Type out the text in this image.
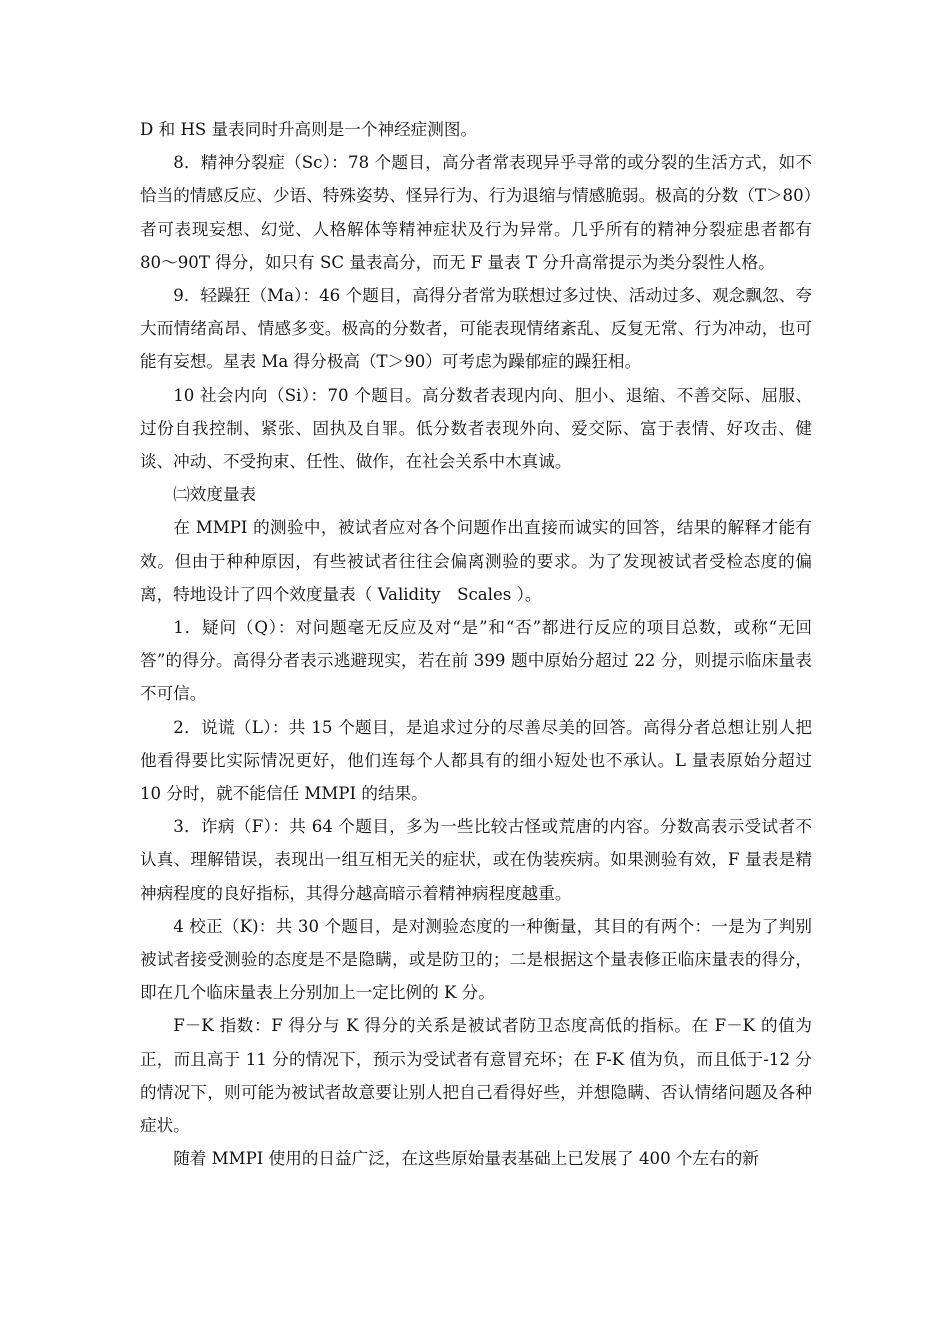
D 和 HS 量表同时升高则是一个神经症测图。

8．精神分裂症（Sc）：78 个题目，高分者常表现异乎寻常的或分裂的生活方式，如不恰当的情感反应、少语、特殊姿势、怪异行为、行为退缩与情感脆弱。极高的分数（T＞80）者可表现妄想、幻觉、人格解体等精神症状及行为异常。几乎所有的精神分裂症患者都有 80～90T 得分，如只有 SC 量表高分，而无 F 量表 T 分升高常提示为类分裂性人格。

9．轻躁狂（Ma）：46 个题目，高得分者常为联想过多过快、活动过多、观念飘忽、夸大而情绪高昂、情感多变。极高的分数者，可能表现情绪紊乱、反复无常、行为冲动，也可能有妄想。星表 Ma 得分极高（T＞90）可考虑为躁郁症的躁狂相。

10 社会内向（Si）：70 个题目。高分数者表现内向、胆小、退缩、不善交际、屈服、过份自我控制、紧张、固执及自罪。低分数者表现外向、爱交际、富于表情、好攻击、健谈、冲动、不受拘束、任性、做作，在社会关系中木真诚。

㈡效度量表

在 MMPI 的测验中，被试者应对各个问题作出直接而诚实的回答，结果的解释才能有效。但由于种种原因，有些被试者往往会偏离测验的要求。为了发现被试者受检态度的偏离，特地设计了四个效度量表（ Validity　Scales ）。

1．疑问（Q）：对问题毫无反应及对“是”和“否”都进行反应的项目总数，或称“无回答”的得分。高得分者表示逃避现实，若在前 399 题中原始分超过 22 分，则提示临床量表不可信。

2．说谎（L）：共 15 个题目，是追求过分的尽善尽美的回答。高得分者总想让别人把他看得要比实际情况更好，他们连每个人都具有的细小短处也不承认。L 量表原始分超过 10 分时，就不能信任 MMPI 的结果。

3．诈病（F）：共 64 个题目，多为一些比较古怪或荒唐的内容。分数高表示受试者不认真、理解错误，表现出一组互相无关的症状，或在伪装疾病。如果测验有效，F 量表是精神病程度的良好指标，其得分越高暗示着精神病程度越重。

4 校正（K)：共 30 个题目，是对测验态度的一种衡量，其目的有两个：一是为了判别被试者接受测验的态度是不是隐瞒，或是防卫的；二是根据这个量表修正临床量表的得分，即在几个临床量表上分别加上一定比例的 K 分。

F－K 指数：F 得分与 K 得分的关系是被试者防卫态度高低的指标。在 F－K 的值为正，而且高于 11 分的情况下，预示为受试者有意冒充坏；在 F-K 值为负，而且低于-12 分的情况下，则可能为被试者故意要让别人把自己看得好些，并想隐瞒、否认情绪问题及各种症状。

随着 MMPI 使用的日益广泛，在这些原始量表基础上已发展了 400 个左右的新
